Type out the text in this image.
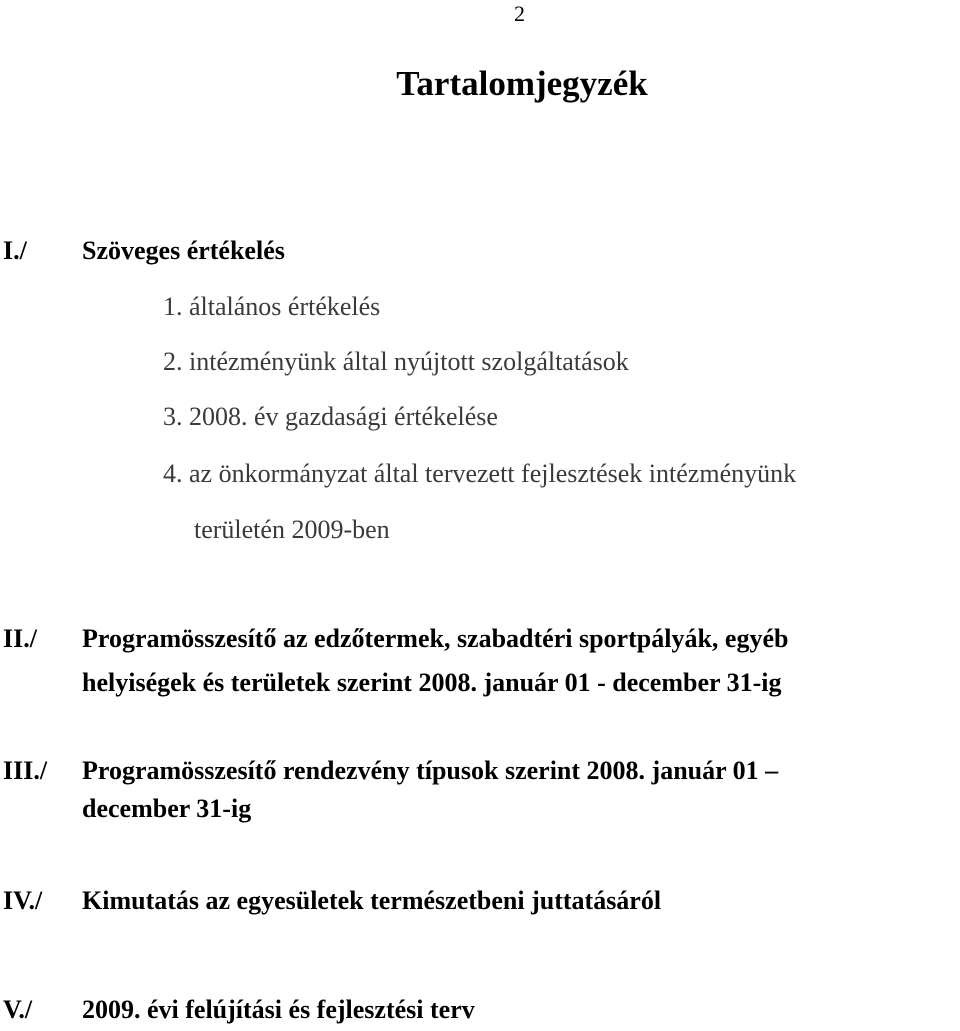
2
Tartalomjegyzék
I./ Szöveges értékelés
1. általános értékelés
2. intézményünk által nyújtott szolgáltatások
3. 2008. év gazdasági értékelése
4. az önkormányzat által tervezett fejlesztések intézményünk
területén 2009-ben
II./ Programösszesítő az edzőtermek, szabadtéri sportpályák, egyéb
helyiségek és területek szerint 2008. január 01 - december 31-ig
III./ Programösszesítő rendezvény típusok szerint 2008. január 01 –
december 31-ig
IV./ Kimutatás az egyesületek természetbeni juttatásáról
V./ 2009. évi felújítási és fejlesztési terv
